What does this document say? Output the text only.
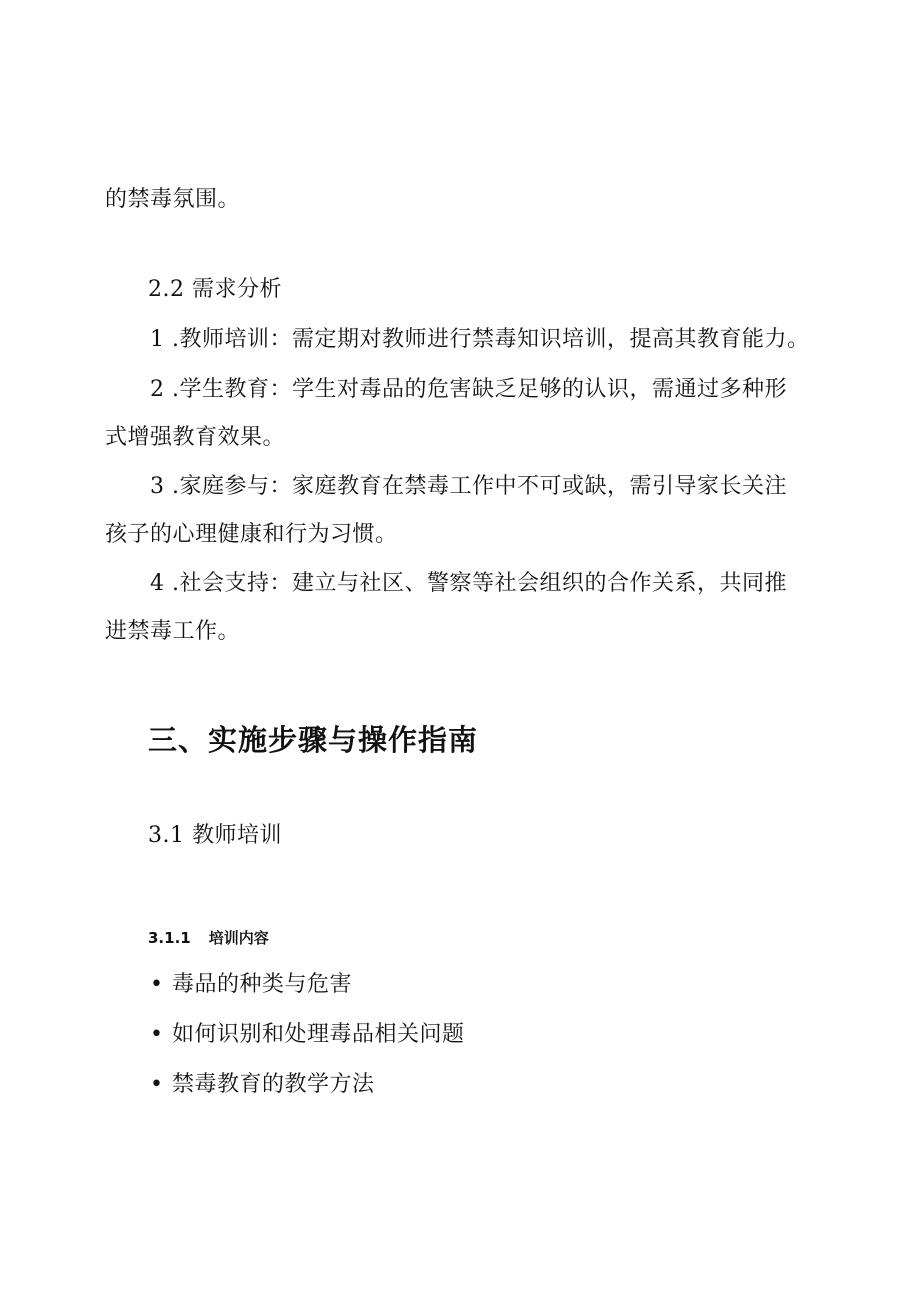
的禁毒氛围。
2.2 需求分析
1 .教师培训：需定期对教师进行禁毒知识培训，提高其教育能力。
2 .学生教育：学生对毒品的危害缺乏足够的认识，需通过多种形
式增强教育效果。
3 .家庭参与：家庭教育在禁毒工作中不可或缺，需引导家长关注
孩子的心理健康和行为习惯。
4 .社会支持：建立与社区、警察等社会组织的合作关系，共同推
进禁毒工作。
三、实施步骤与操作指南
3.1 教师培训
3.1.1 培训内容
• 毒品的种类与危害
• 如何识别和处理毒品相关问题
• 禁毒教育的教学方法
